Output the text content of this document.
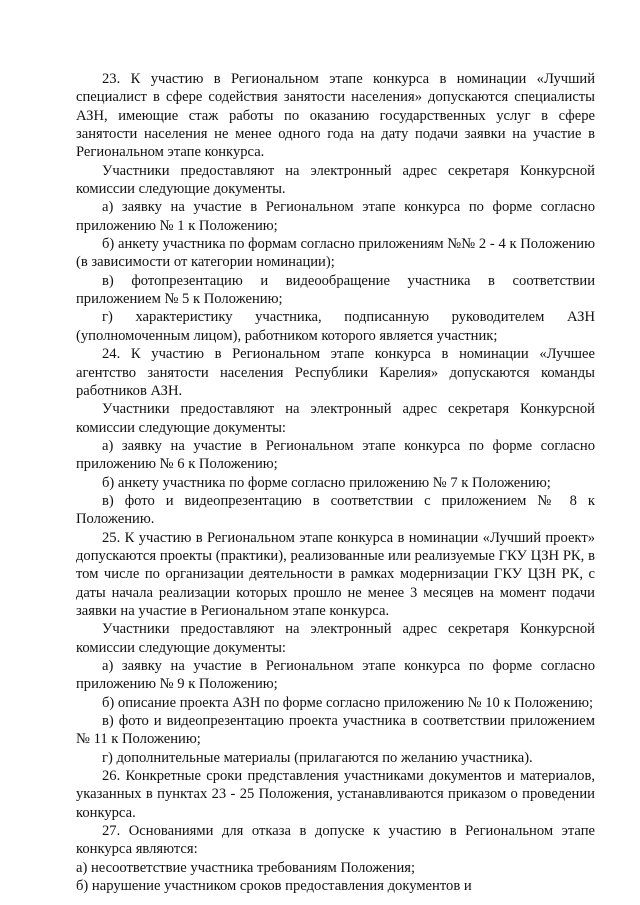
23. К участию в Региональном этапе конкурса в номинации «Лучший специалист в сфере содействия занятости населения» допускаются специалисты АЗН, имеющие стаж работы по оказанию государственных услуг в сфере занятости населения не менее одного года на дату подачи заявки на участие в Региональном этапе конкурса.

Участники предоставляют на электронный адрес секретаря Конкурсной комиссии следующие документы.

а) заявку на участие в Региональном этапе конкурса по форме согласно приложению № 1 к Положению;

б) анкету участника по формам согласно приложениям №№ 2 - 4 к Положению (в зависимости от категории номинации);

в) фотопрезентацию и видеообращение участника в соответствии приложением № 5 к Положению;

г) характеристику участника, подписанную руководителем АЗН (уполномоченным лицом), работником которого является участник;

24. К участию в Региональном этапе конкурса в номинации «Лучшее агентство занятости населения Республики Карелия» допускаются команды работников АЗН.

Участники предоставляют на электронный адрес секретаря Конкурсной комиссии следующие документы:

а) заявку на участие в Региональном этапе конкурса по форме согласно приложению № 6 к Положению;

б) анкету участника по форме согласно приложению № 7 к Положению;

в) фото и видеопрезентацию в соответствии с приложением № 8 к Положению.

25. К участию в Региональном этапе конкурса в номинации «Лучший проект» допускаются проекты (практики), реализованные или реализуемые ГКУ ЦЗН РК, в том числе по организации деятельности в рамках модернизации ГКУ ЦЗН РК, с даты начала реализации которых прошло не менее 3 месяцев на момент подачи заявки на участие в Региональном этапе конкурса.

Участники предоставляют на электронный адрес секретаря Конкурсной комиссии следующие документы:

а) заявку на участие в Региональном этапе конкурса по форме согласно приложению № 9 к Положению;

б) описание проекта АЗН по форме согласно приложению № 10 к Положению;

в) фото и видеопрезентацию проекта участника в соответствии приложением № 11 к Положению;

г) дополнительные материалы (прилагаются по желанию участника).

26. Конкретные сроки представления участниками документов и материалов, указанных в пунктах 23 - 25 Положения, устанавливаются приказом о проведении конкурса.

27. Основаниями для отказа в допуске к участию в Региональном этапе конкурса являются:

а) несоответствие участника требованиям Положения;

б) нарушение участником сроков предоставления документов и
